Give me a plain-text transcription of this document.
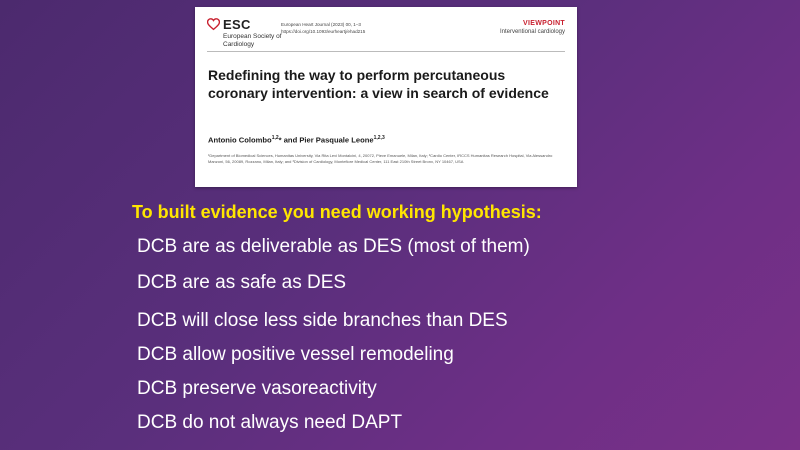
ESC
European Society of Cardiology
European Heart Journal (2023) 00, 1–3
https://doi.org/10.1093/eurheartj/ehad215
VIEWPOINT
Interventional cardiology
Redefining the way to perform percutaneous coronary intervention: a view in search of evidence
Antonio Colombo$^{1,2}$* and Pier Pasquale Leone$^{1,2,3}$
¹Department of Biomedical Sciences, Humanitas University, Via Rita Levi Montalcini, 4, 20072, Pieve Emanuele, Milan, Italy; ²Cardio Center, IRCCS Humanitas Research Hospital, Via Alessandro Manzoni, 56, 20089, Rozzano, Milan, Italy; and ³Division of Cardiology, Montefiore Medical Center, 111 East 210th Street Bronx, NY 10467, USA
To built evidence you need working hypothesis:
DCB are as deliverable as DES (most of them)
DCB are as safe as DES
DCB will close less side branches than DES
DCB allow positive vessel remodeling
DCB preserve vasoreactivity
DCB do not always need DAPT
